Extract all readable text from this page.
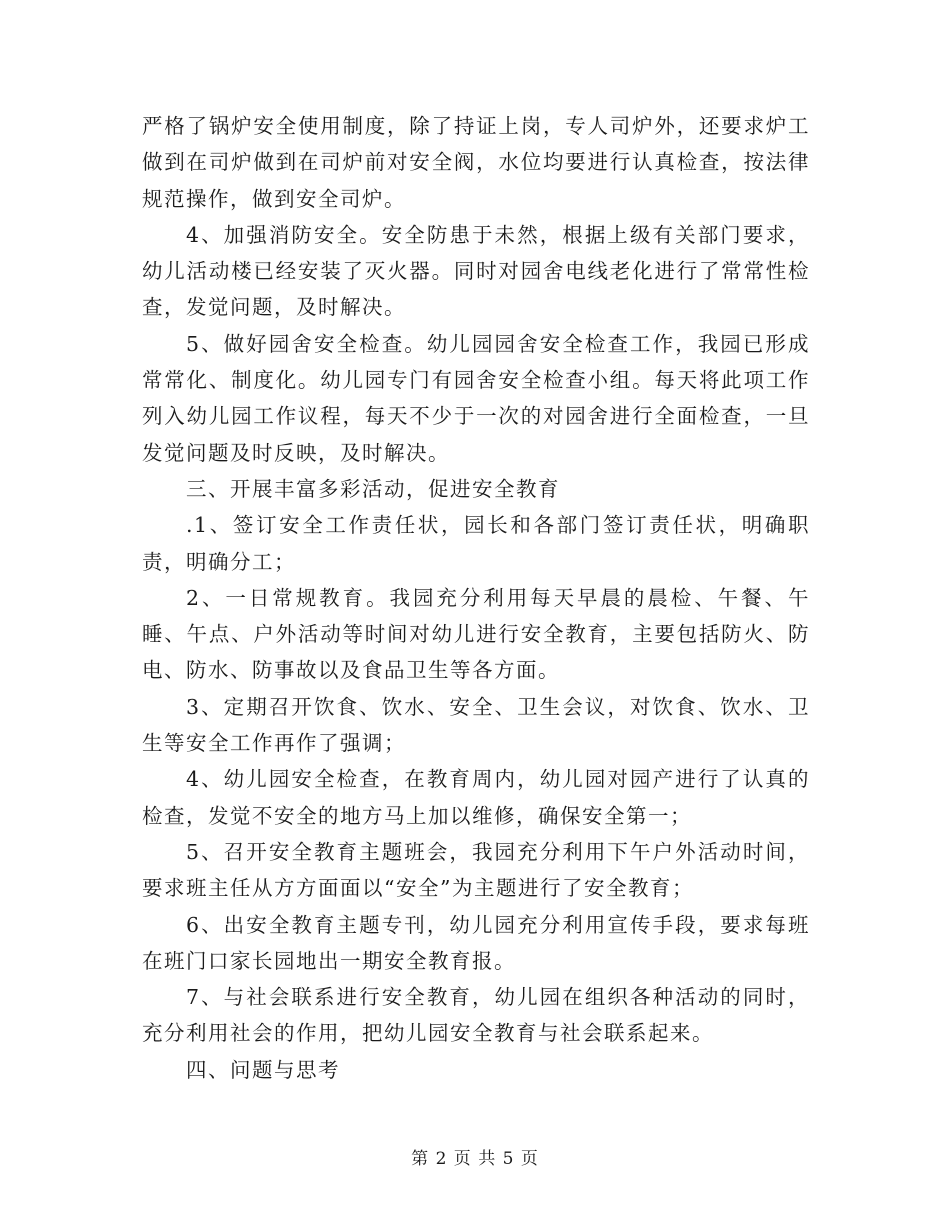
严格了锅炉安全使用制度，除了持证上岗，专人司炉外，还要求炉工做到在司炉做到在司炉前对安全阀，水位均要进行认真检查，按法律规范操作，做到安全司炉。

4、加强消防安全。安全防患于未然，根据上级有关部门要求，幼儿活动楼已经安装了灭火器。同时对园舍电线老化进行了常常性检查，发觉问题，及时解决。

5、做好园舍安全检查。幼儿园园舍安全检查工作，我园已形成常常化、制度化。幼儿园专门有园舍安全检查小组。每天将此项工作列入幼儿园工作议程，每天不少于一次的对园舍进行全面检查，一旦发觉问题及时反映，及时解决。

三、开展丰富多彩活动，促进安全教育

.1、签订安全工作责任状，园长和各部门签订责任状，明确职责，明确分工；

2、一日常规教育。我园充分利用每天早晨的晨检、午餐、午睡、午点、户外活动等时间对幼儿进行安全教育，主要包括防火、防电、防水、防事故以及食品卫生等各方面。

3、定期召开饮食、饮水、安全、卫生会议，对饮食、饮水、卫生等安全工作再作了强调；

4、幼儿园安全检查，在教育周内，幼儿园对园产进行了认真的检查，发觉不安全的地方马上加以维修，确保安全第一；

5、召开安全教育主题班会，我园充分利用下午户外活动时间，要求班主任从方方面面以“安全”为主题进行了安全教育；

6、出安全教育主题专刊，幼儿园充分利用宣传手段，要求每班在班门口家长园地出一期安全教育报。

7、与社会联系进行安全教育，幼儿园在组织各种活动的同时，充分利用社会的作用，把幼儿园安全教育与社会联系起来。

四、问题与思考

第 2 页 共 5 页
